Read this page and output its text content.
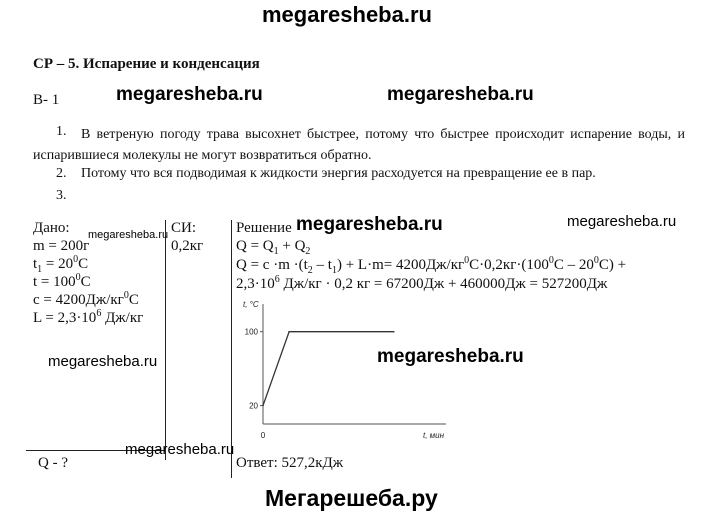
megaresheba.ru
СР – 5. Испарение и конденсация
В- 1	megaresheba.ru	megaresheba.ru
1.	В ветреную погоду трава высохнет быстрее, потому что быстрее происходит испарение воды, и испарившиеся молекулы не могут возвратиться обратно.
2. Потому что вся подводимая к жидкости энергия расходуется на превращение ее в пар.
3.
Дано: megaresheba.ru
m = 200г
$t_1 = 20^0С$
$t = 100^0С$
$с = 4200Дж/кг^0С$
$L = 2,3\cdot 10^6$ Дж/кг
megaresheba.ru
Q - ?
СИ:
0,2кг
Решение megaresheba.ru	megaresheba.ru
$Q = Q_1 + Q_2$
$Q = с \cdot m \cdot(t_2 - t_1) + L\cdot m= 4200Дж/кг^0С\cdot 0,2кг\cdot(100^0С - 20^0С)$ +
$2,3\cdot 10^6$ Дж/кг · 0,2 кг = 67200Дж + 460000Дж = 527200Дж
20
100
0
t, °С
t, мин
megaresheba.ru
megaresheba.ru
Ответ: 527,2кДж
Мегарешеба.ру
